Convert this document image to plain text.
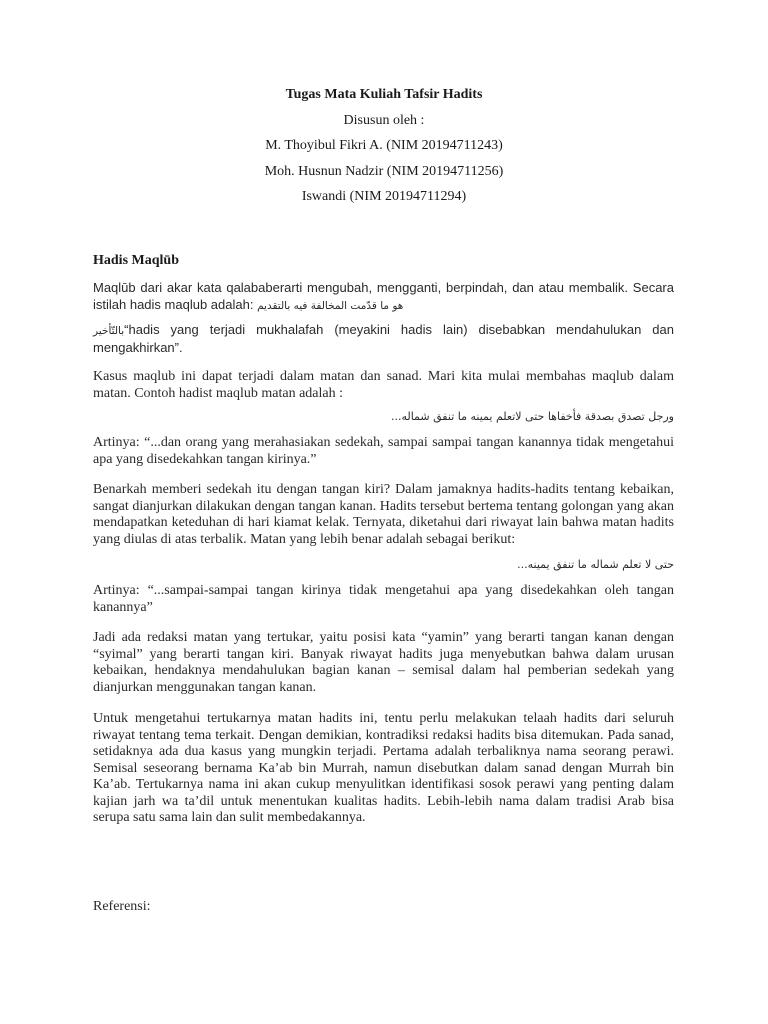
Tugas Mata Kuliah Tafsir Hadits
Disusun oleh :
M. Thoyibul Fikri A. (NIM 20194711243)
Moh. Husnun Nadzir (NIM 20194711256)
Iswandi (NIM 20194711294)
Hadis Maqlūb

Maqlūb dari akar kata qalababerarti mengubah, mengganti, berpindah, dan atau membalik. Secara istilah hadis maqlub adalah: هو ما قدّمت المخالفة فيه بالتقديم

بالتّأخير“hadis yang terjadi mukhalafah (meyakini hadis lain) disebabkan mendahulukan dan mengakhirkan”.

Kasus maqlub ini dapat terjadi dalam matan dan sanad. Mari kita mulai membahas maqlub dalam matan. Contoh hadist maqlub matan adalah :

ورجل تصدق بصدقة فأخفاها حتى لاتعلم يمينه ما تنفق شماله...

Artinya: “...dan orang yang merahasiakan sedekah, sampai sampai tangan kanannya tidak mengetahui apa yang disedekahkan tangan kirinya.”

Benarkah memberi sedekah itu dengan tangan kiri? Dalam jamaknya hadits-hadits tentang kebaikan, sangat dianjurkan dilakukan dengan tangan kanan. Hadits tersebut bertema tentang golongan yang akan mendapatkan keteduhan di hari kiamat kelak. Ternyata, diketahui dari riwayat lain bahwa matan hadits yang diulas di atas terbalik. Matan yang lebih benar adalah sebagai berikut:

حتى لا تعلم شماله ما تنفق يمينه...

Artinya: “...sampai-sampai tangan kirinya tidak mengetahui apa yang disedekahkan oleh tangan kanannya”

Jadi ada redaksi matan yang tertukar, yaitu posisi kata “yamin” yang berarti tangan kanan dengan “syimal” yang berarti tangan kiri. Banyak riwayat hadits juga menyebutkan bahwa dalam urusan kebaikan, hendaknya mendahulukan bagian kanan – semisal dalam hal pemberian sedekah yang dianjurkan menggunakan tangan kanan.

Untuk mengetahui tertukarnya matan hadits ini, tentu perlu melakukan telaah hadits dari seluruh riwayat tentang tema terkait. Dengan demikian, kontradiksi redaksi hadits bisa ditemukan. Pada sanad, setidaknya ada dua kasus yang mungkin terjadi. Pertama adalah terbaliknya nama seorang perawi. Semisal seseorang bernama Ka’ab bin Murrah, namun disebutkan dalam sanad dengan Murrah bin Ka’ab. Tertukarnya nama ini akan cukup menyulitkan identifikasi sosok perawi yang penting dalam kajian jarh wa ta’dil untuk menentukan kualitas hadits. Lebih-lebih nama dalam tradisi Arab bisa serupa satu sama lain dan sulit membedakannya.

Referensi:
